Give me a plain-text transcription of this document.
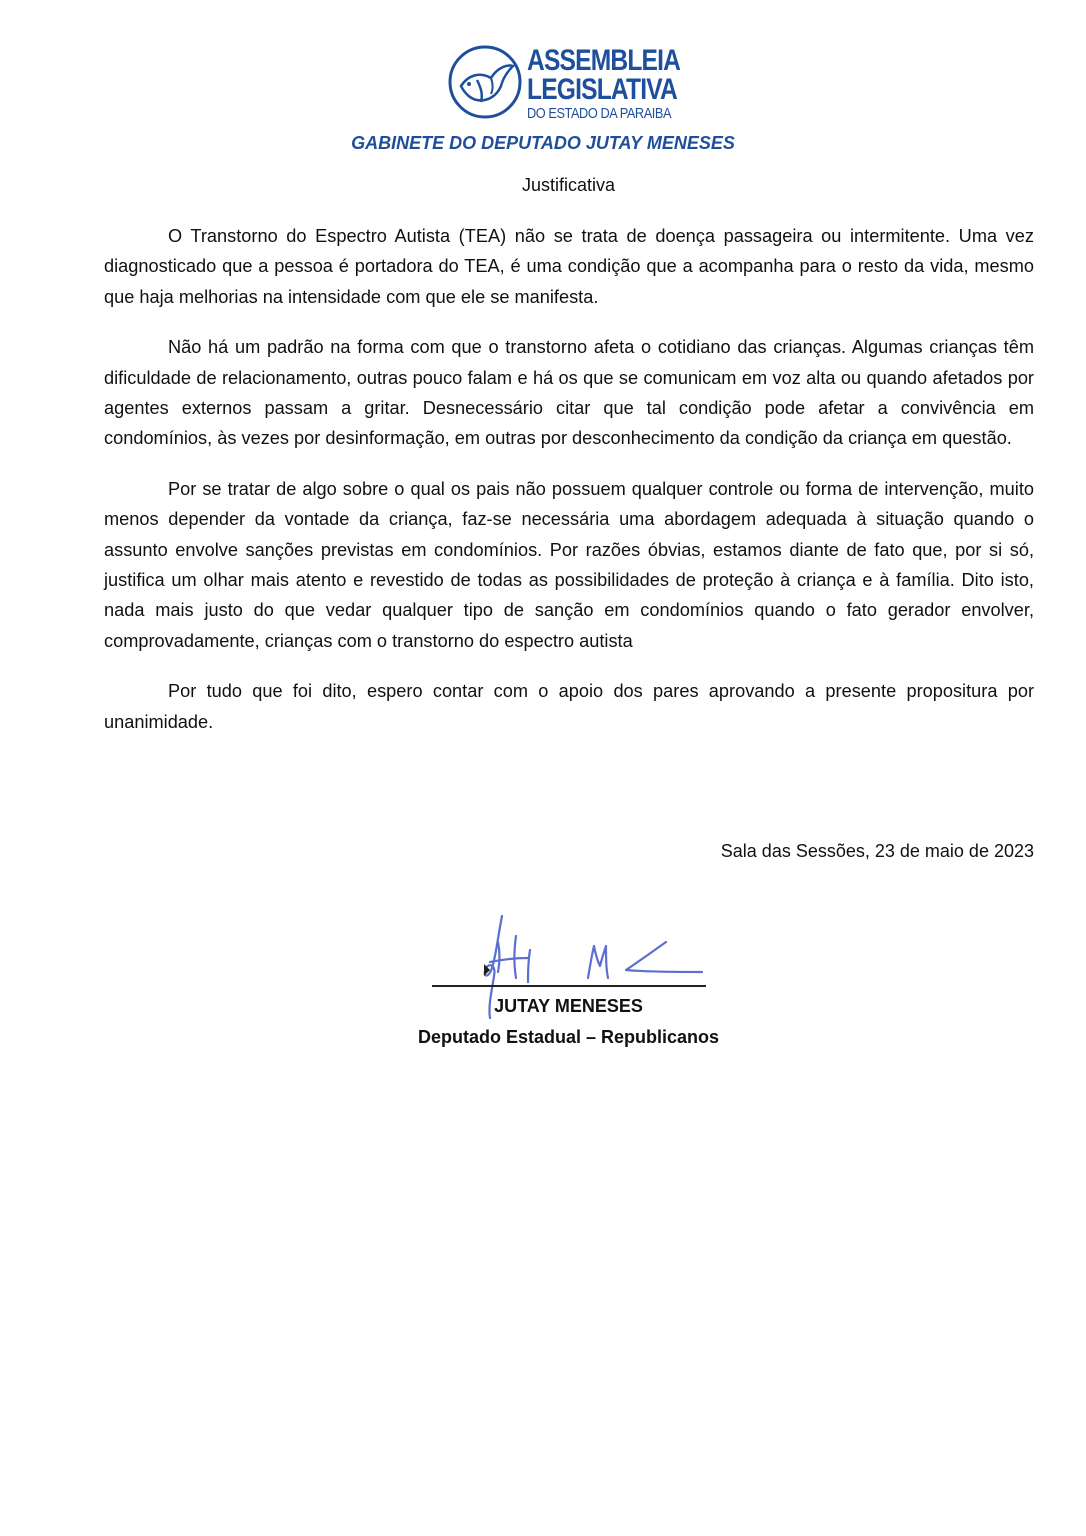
ASSEMBLEIA
LEGISLATIVA
DO ESTADO DA PARAIBA
GABINETE DO DEPUTADO JUTAY MENESES
Justificativa

O Transtorno do Espectro Autista (TEA) não se trata de doença passageira ou intermitente. Uma vez diagnosticado que a pessoa é portadora do TEA, é uma condição que a acompanha para o resto da vida, mesmo que haja melhorias na intensidade com que ele se manifesta.

Não há um padrão na forma com que o transtorno afeta o cotidiano das crianças. Algumas crianças têm dificuldade de relacionamento, outras pouco falam e há os que se comunicam em voz alta ou quando afetados por agentes externos passam a gritar. Desnecessário citar que tal condição pode afetar a convivência em condomínios, às vezes por desinformação, em outras por desconhecimento da condição da criança em questão.

Por se tratar de algo sobre o qual os pais não possuem qualquer controle ou forma de intervenção, muito menos depender da vontade da criança, faz-se necessária uma abordagem adequada à situação quando o assunto envolve sanções previstas em condomínios. Por razões óbvias, estamos diante de fato que, por si só, justifica um olhar mais atento e revestido de todas as possibilidades de proteção à criança e à família. Dito isto, nada mais justo do que vedar qualquer tipo de sanção em condomínios quando o fato gerador envolver, comprovadamente, crianças com o transtorno do espectro autista

Por tudo que foi dito, espero contar com o apoio dos pares aprovando a presente propositura por unanimidade.

Sala das Sessões, 23 de maio de 2023
JUTAY MENESES
Deputado Estadual – Republicanos
